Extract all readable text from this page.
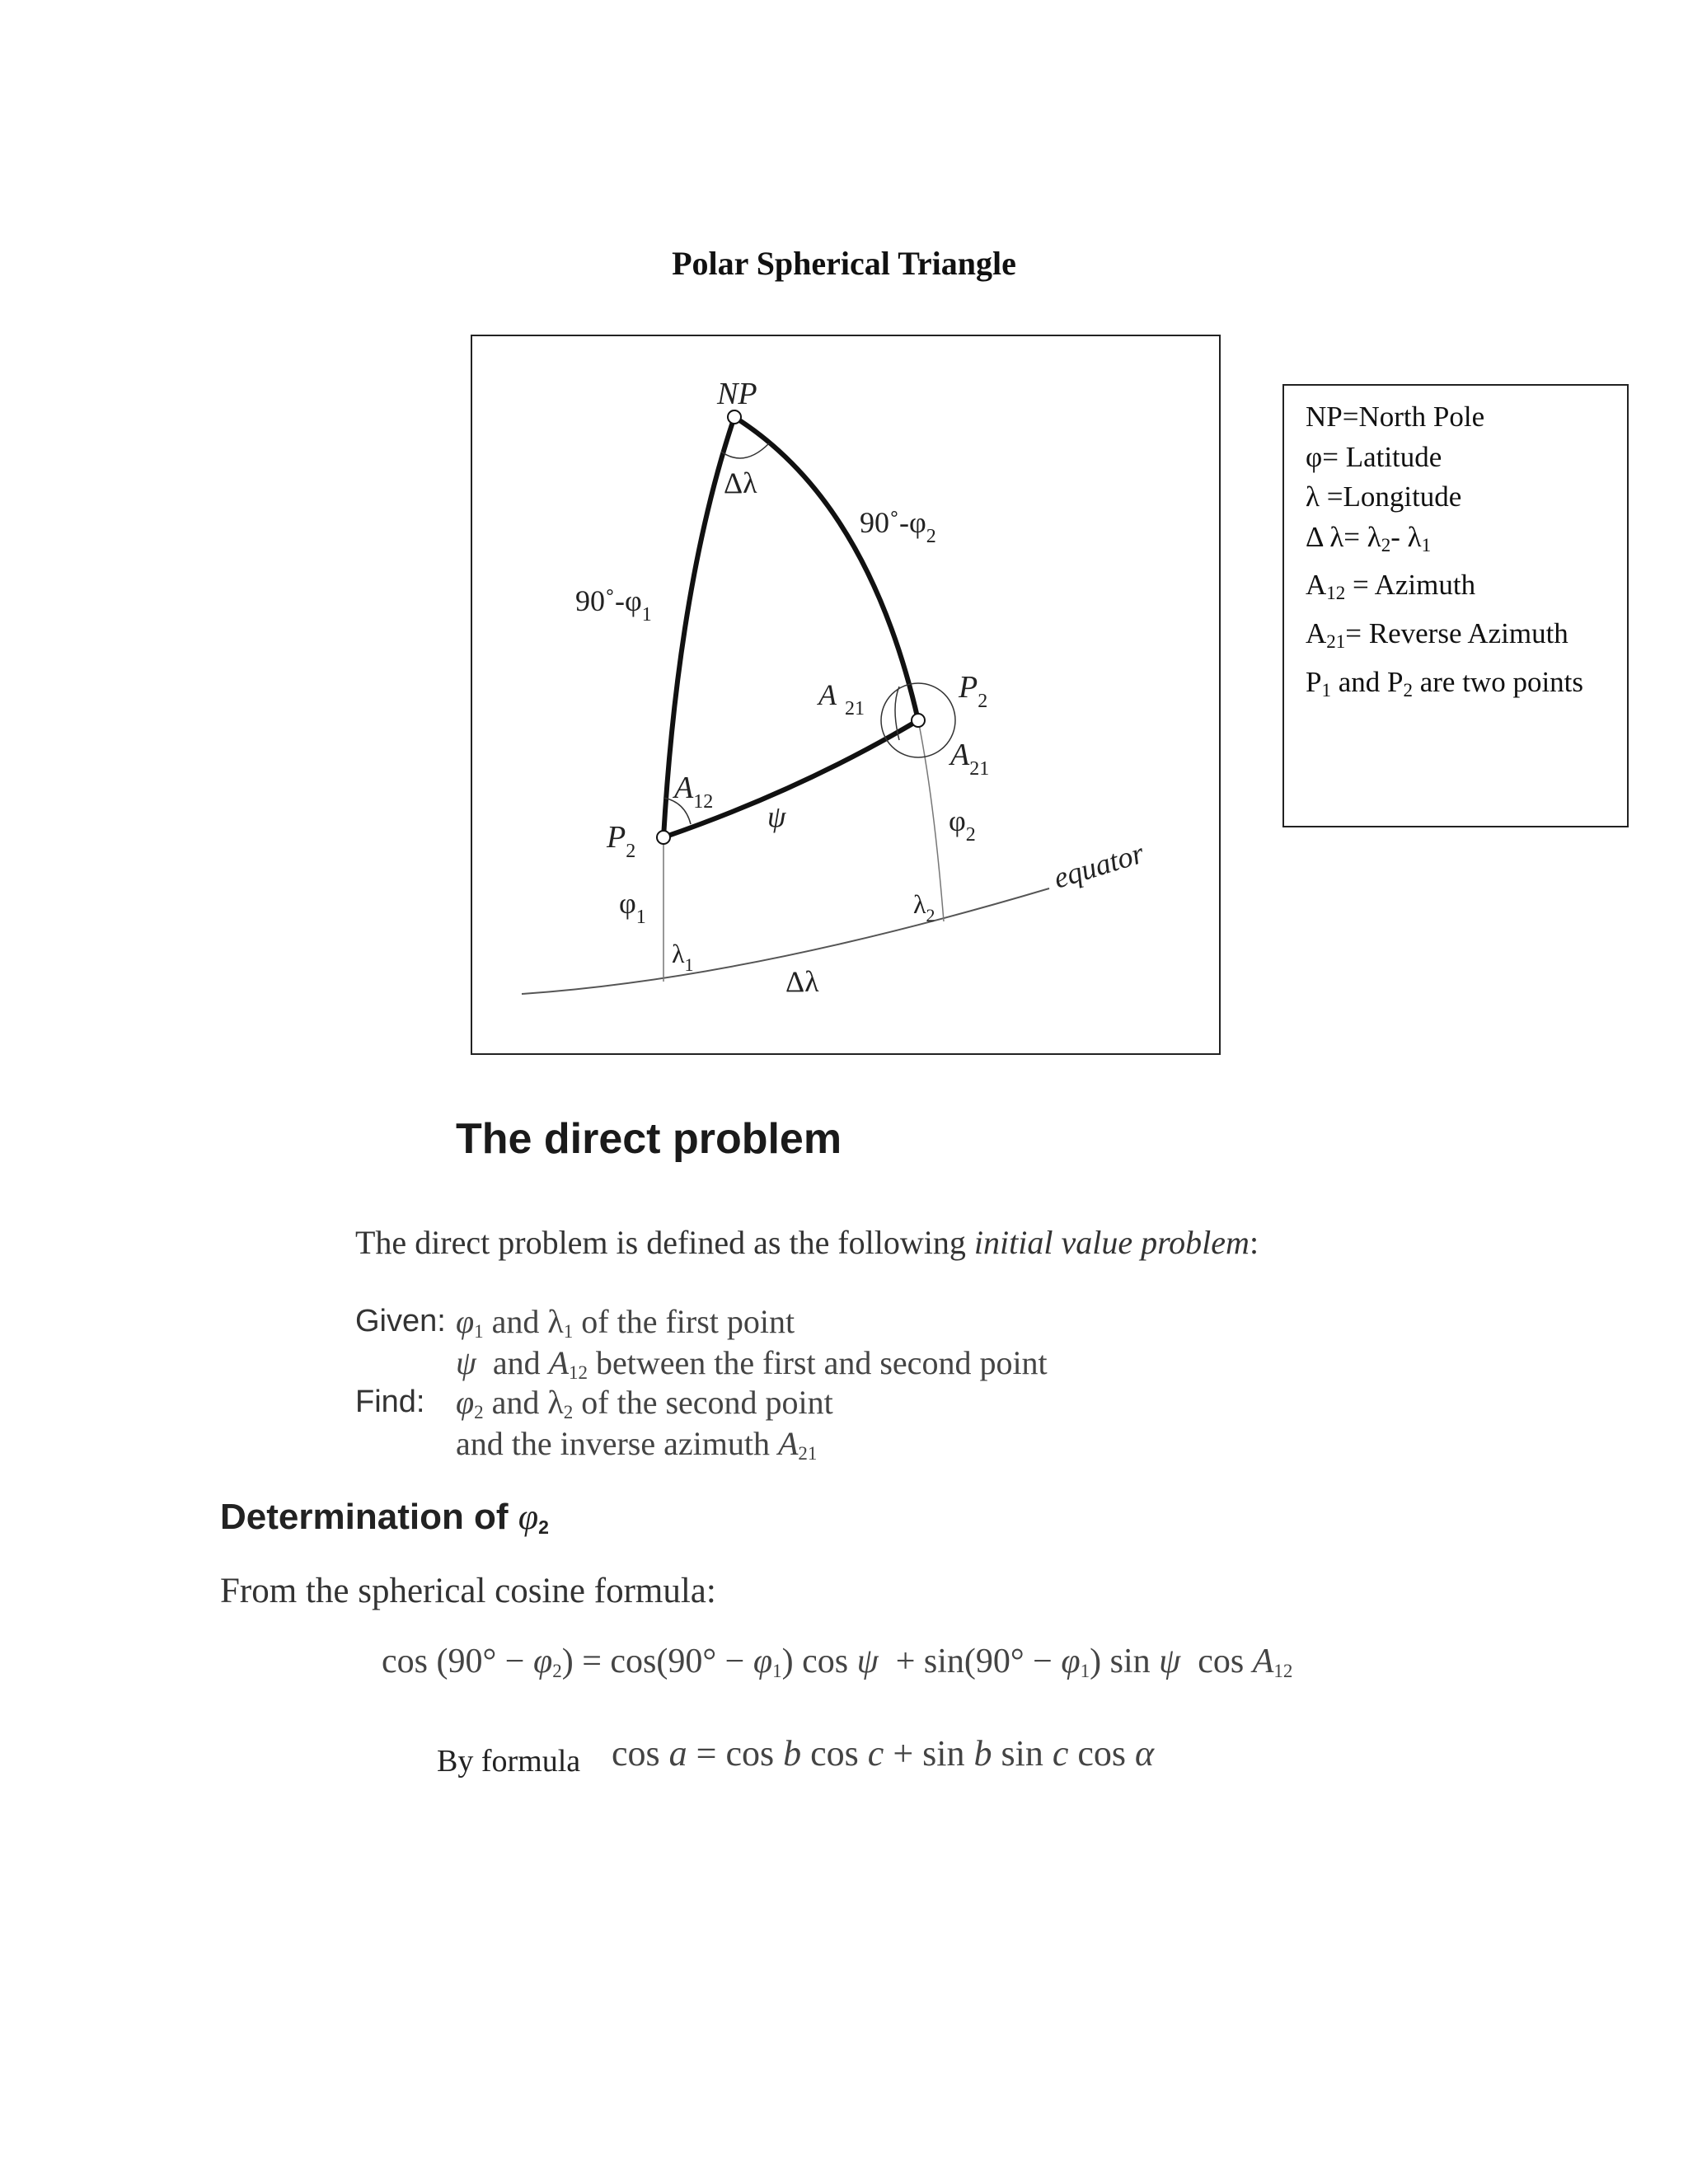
Polar Spherical Triangle
NP
Δλ
$90˚-\varphi_1$
$90˚-\varphi_2$
A $_{21}$
$P_2$
$A_{21}$
$A_{12}$ ψ
$P_2$
$\varphi_1$
$\varphi_2$
$\lambda_2$
$\lambda_1$
Δλ
equator
NP=North Pole
φ= Latitude
λ =Longitude
Δ $\lambda= \lambda_2-$ $\lambda_1$
$A_{12}$ = Azimuth
$A_{21}=$ Reverse Azimuth
$P_1$ and $P_2$ are two points
The direct problem
The direct problem is defined as the following initial value problem:
Given: $\varphi_1$ and $\lambda_1$ of the first point
ψ  and $A_{12}$ between the first and second point
Find: $\varphi_2$ and $\lambda_2$ of the second point
and the inverse azimuth $A_{21}$
Determination of $\varphi_2$
From the spherical cosine formula:
$\cos (90^\circ - \varphi_2) = \cos(90^\circ - \varphi_1)$ $\cos \psi + \sin(90^\circ - \varphi_1)$ sin ψ  $\cos A_{12}$
By formula cos a = cos b cos c + sin b sin c cos α
